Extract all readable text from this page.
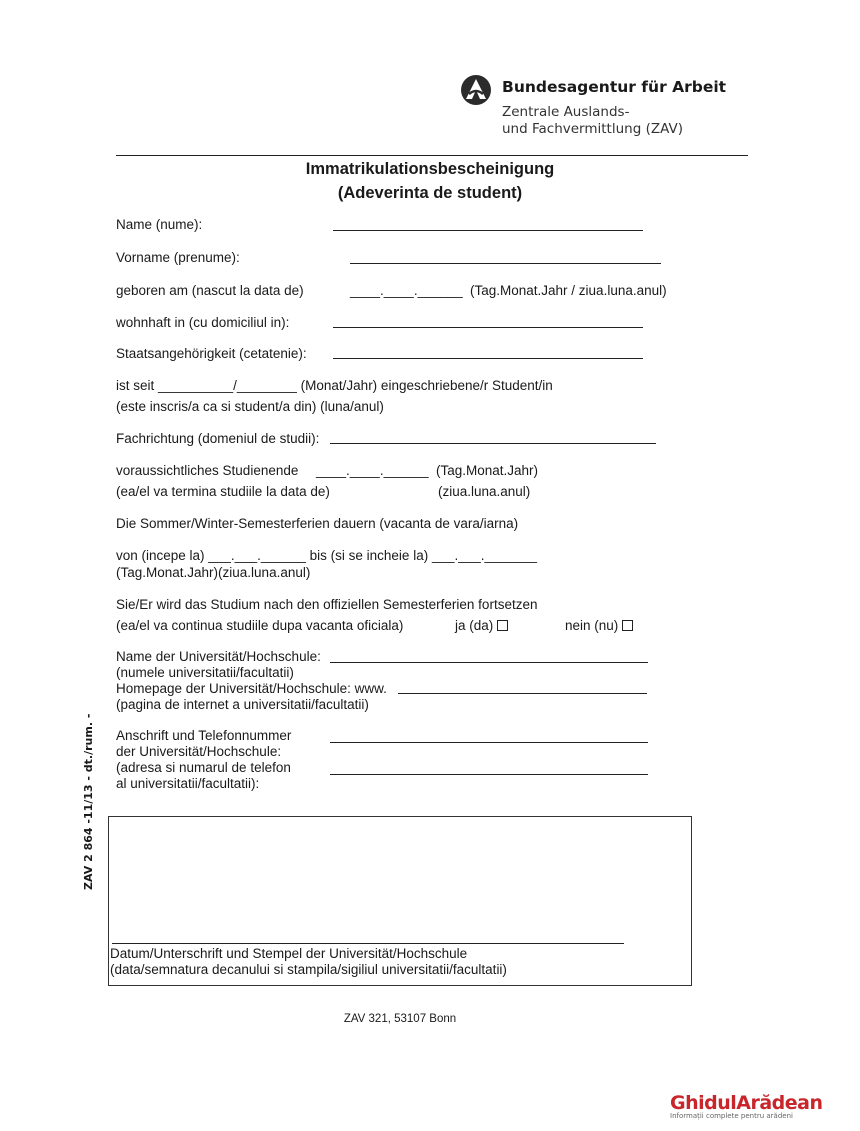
Bundesagentur für Arbeit
Zentrale Auslands-
und Fachvermittlung (ZAV)
Immatrikulationsbescheinigung
(Adeverinta de student)
Name (nume):
Vorname (prenume):
geboren am (nascut la data de)	____.____.______ (Tag.Monat.Jahr / ziua.luna.anul)
wohnhaft in (cu domiciliul in):
Staatsangehörigkeit (cetatenie):
ist seit __________/________ (Monat/Jahr) eingeschriebene/r Student/in
(este inscris/a ca si student/a din) (luna/anul)
Fachrichtung (domeniul de studii):
voraussichtliches Studienende ____.____.______ (Tag.Monat.Jahr)
(ea/el va termina studiile la data de)	(ziua.luna.anul)
Die Sommer/Winter-Semesterferien dauern (vacanta de vara/iarna)
von (incepe la) ___.___.______ bis (si se incheie la) ___.___._______
(Tag.Monat.Jahr)(ziua.luna.anul)
Sie/Er wird das Studium nach den offiziellen Semesterferien fortsetzen
(ea/el va continua studiile dupa vacanta oficiala)	ja (da)	nein (nu)
Name der Universität/Hochschule:
(numele universitatii/facultatii)
Homepage der Universität/Hochschule: www.
(pagina de internet a universitatii/facultatii)
Anschrift und Telefonnummer
der Universität/Hochschule:
(adresa si numarul de telefon
al universitatii/facultatii):
Datum/Unterschrift und Stempel der Universität/Hochschule
(data/semnatura decanului si stampila/sigiliul universitatii/facultatii)
ZAV 2 864 -11/13 - dt./rum. -
ZAV 321, 53107 Bonn
GhidulArădean
Informații complete pentru arădeni
